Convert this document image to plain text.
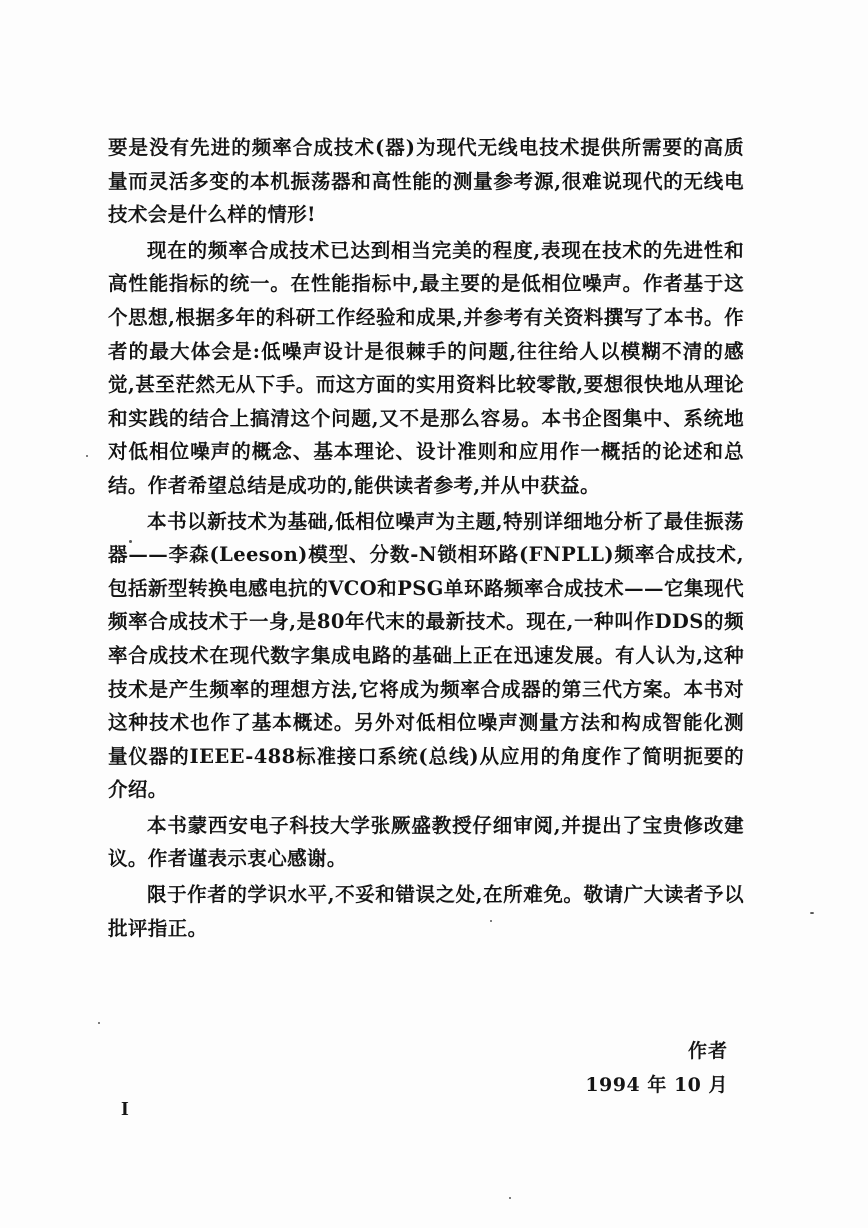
要是没有先进的频率合成技术(器)为现代无线电技术提供所需要的高质量而灵活多变的本机振荡器和高性能的测量参考源,很难说现代的无线电技术会是什么样的情形!

现在的频率合成技术已达到相当完美的程度,表现在技术的先进性和高性能指标的统一。在性能指标中,最主要的是低相位噪声。作者基于这个思想,根据多年的科研工作经验和成果,并参考有关资料撰写了本书。作者的最大体会是:低噪声设计是很棘手的问题,往往给人以模糊不清的感觉,甚至茫然无从下手。而这方面的实用资料比较零散,要想很快地从理论和实践的结合上搞清这个问题,又不是那么容易。本书企图集中、系统地对低相位噪声的概念、基本理论、设计准则和应用作一概括的论述和总结。作者希望总结是成功的,能供读者参考,并从中获益。

本书以新技术为基础,低相位噪声为主题,特别详细地分析了最佳振荡器——李森(Leeson)模型、分数-N锁相环路(FNPLL)频率合成技术,包括新型转换电感电抗的VCO和PSG单环路频率合成技术——它集现代频率合成技术于一身,是80年代末的最新技术。现在,一种叫作DDS的频率合成技术在现代数字集成电路的基础上正在迅速发展。有人认为,这种技术是产生频率的理想方法,它将成为频率合成器的第三代方案。本书对这种技术也作了基本概述。另外对低相位噪声测量方法和构成智能化测量仪器的IEEE-488标准接口系统(总线)从应用的角度作了简明扼要的介绍。

本书蒙西安电子科技大学张厥盛教授仔细审阅,并提出了宝贵修改建议。作者谨表示衷心感谢。

限于作者的学识水平,不妥和错误之处,在所难免。敬请广大读者予以批评指正。

作者
1994 年 10 月
I
